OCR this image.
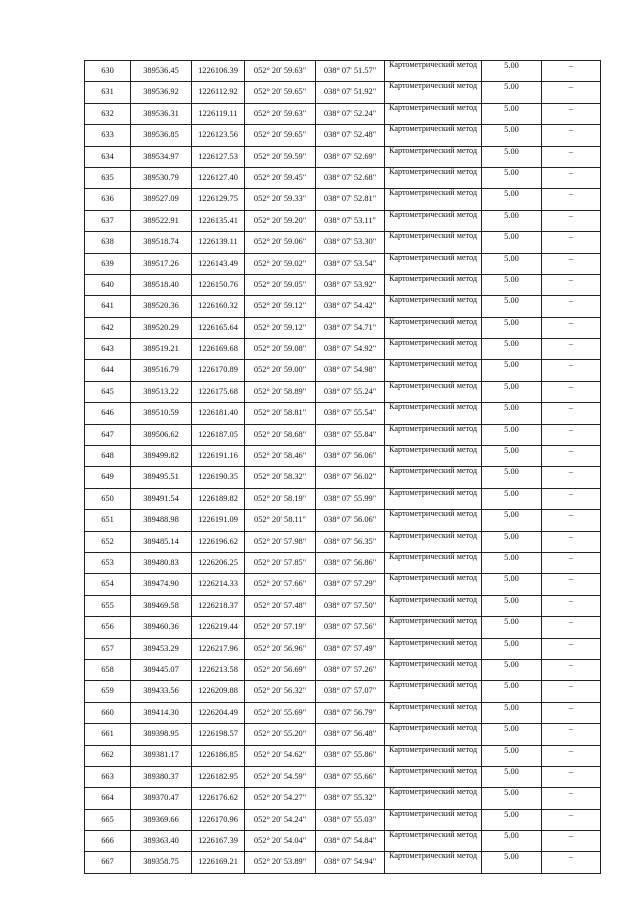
630	389536.45	1226106.39	052° 20' 59.63"	038° 07' 51.57"	Картометрический метод	5.00	–
631	389536.92	1226112.92	052° 20' 59.65"	038° 07' 51.92"	Картометрический метод	5.00	–
632	389536.31	1226119.11	052° 20' 59.63"	038° 07' 52.24"	Картометрический метод	5.00	–
633	389536.85	1226123.56	052° 20' 59.65"	038° 07' 52.48"	Картометрический метод	5.00	–
634	389534.97	1226127.53	052° 20' 59.59"	038° 07' 52.69"	Картометрический метод	5.00	–
635	389530.79	1226127.40	052° 20' 59.45"	038° 07' 52.68"	Картометрический метод	5.00	–
636	389527.09	1226129.75	052° 20' 59.33"	038° 07' 52.81"	Картометрический метод	5.00	–
637	389522.91	1226135.41	052° 20' 59.20"	038° 07' 53.11"	Картометрический метод	5.00	–
638	389518.74	1226139.11	052° 20' 59.06"	038° 07' 53.30"	Картометрический метод	5.00	–
639	389517.26	1226143.49	052° 20' 59.02"	038° 07' 53.54"	Картометрический метод	5.00	–
640	389518.40	1226150.76	052° 20' 59.05"	038° 07' 53.92"	Картометрический метод	5.00	–
641	389520.36	1226160.32	052° 20' 59.12"	038° 07' 54.42"	Картометрический метод	5.00	–
642	389520.29	1226165.64	052° 20' 59.12"	038° 07' 54.71"	Картометрический метод	5.00	–
643	389519.21	1226169.68	052° 20' 59.08"	038° 07' 54.92"	Картометрический метод	5.00	–
644	389516.79	1226170.89	052° 20' 59.00"	038° 07' 54.98"	Картометрический метод	5.00	–
645	389513.22	1226175.68	052° 20' 58.89"	038° 07' 55.24"	Картометрический метод	5.00	–
646	389510.59	1226181.40	052° 20' 58.81"	038° 07' 55.54"	Картометрический метод	5.00	–
647	389506.62	1226187.05	052° 20' 58.68"	038° 07' 55.84"	Картометрический метод	5.00	–
648	389499.82	1226191.16	052° 20' 58.46"	038° 07' 56.06"	Картометрический метод	5.00	–
649	389495.51	1226190.35	052° 20' 58.32"	038° 07' 56.02"	Картометрический метод	5.00	–
650	389491.54	1226189.82	052° 20' 58.19"	038° 07' 55.99"	Картометрический метод	5.00	–
651	389488.98	1226191.09	052° 20' 58.11"	038° 07' 56.06"	Картометрический метод	5.00	–
652	389485.14	1226196.62	052° 20' 57.98"	038° 07' 56.35"	Картометрический метод	5.00	–
653	389480.83	1226206.25	052° 20' 57.85"	038° 07' 56.86"	Картометрический метод	5.00	–
654	389474.90	1226214.33	052° 20' 57.66"	038° 07' 57.29"	Картометрический метод	5.00	–
655	389469.58	1226218.37	052° 20' 57.48"	038° 07' 57.50"	Картометрический метод	5.00	–
656	389460.36	1226219.44	052° 20' 57.19"	038° 07' 57.56"	Картометрический метод	5.00	–
657	389453.29	1226217.96	052° 20' 56.96"	038° 07' 57.49"	Картометрический метод	5.00	–
658	389445.07	1226213.58	052° 20' 56.69"	038° 07' 57.26"	Картометрический метод	5.00	–
659	389433.56	1226209.88	052° 20' 56.32"	038° 07' 57.07"	Картометрический метод	5.00	–
660	389414.30	1226204.49	052° 20' 55.69"	038° 07' 56.79"	Картометрический метод	5.00	–
661	389398.95	1226198.57	052° 20' 55.20"	038° 07' 56.48"	Картометрический метод	5.00	–
662	389381.17	1226186.85	052° 20' 54.62"	038° 07' 55.86"	Картометрический метод	5.00	–
663	389380.37	1226182.95	052° 20' 54.59"	038° 07' 55.66"	Картометрический метод	5.00	–
664	389370.47	1226176.62	052° 20' 54.27"	038° 07' 55.32"	Картометрический метод	5.00	–
665	389369.66	1226170.96	052° 20' 54.24"	038° 07' 55.03"	Картометрический метод	5.00	–
666	389363.40	1226167.39	052° 20' 54.04"	038° 07' 54.84"	Картометрический метод	5.00	–
667	389358.75	1226169.21	052° 20' 53.89"	038° 07' 54.94"	Картометрический метод	5.00	–
